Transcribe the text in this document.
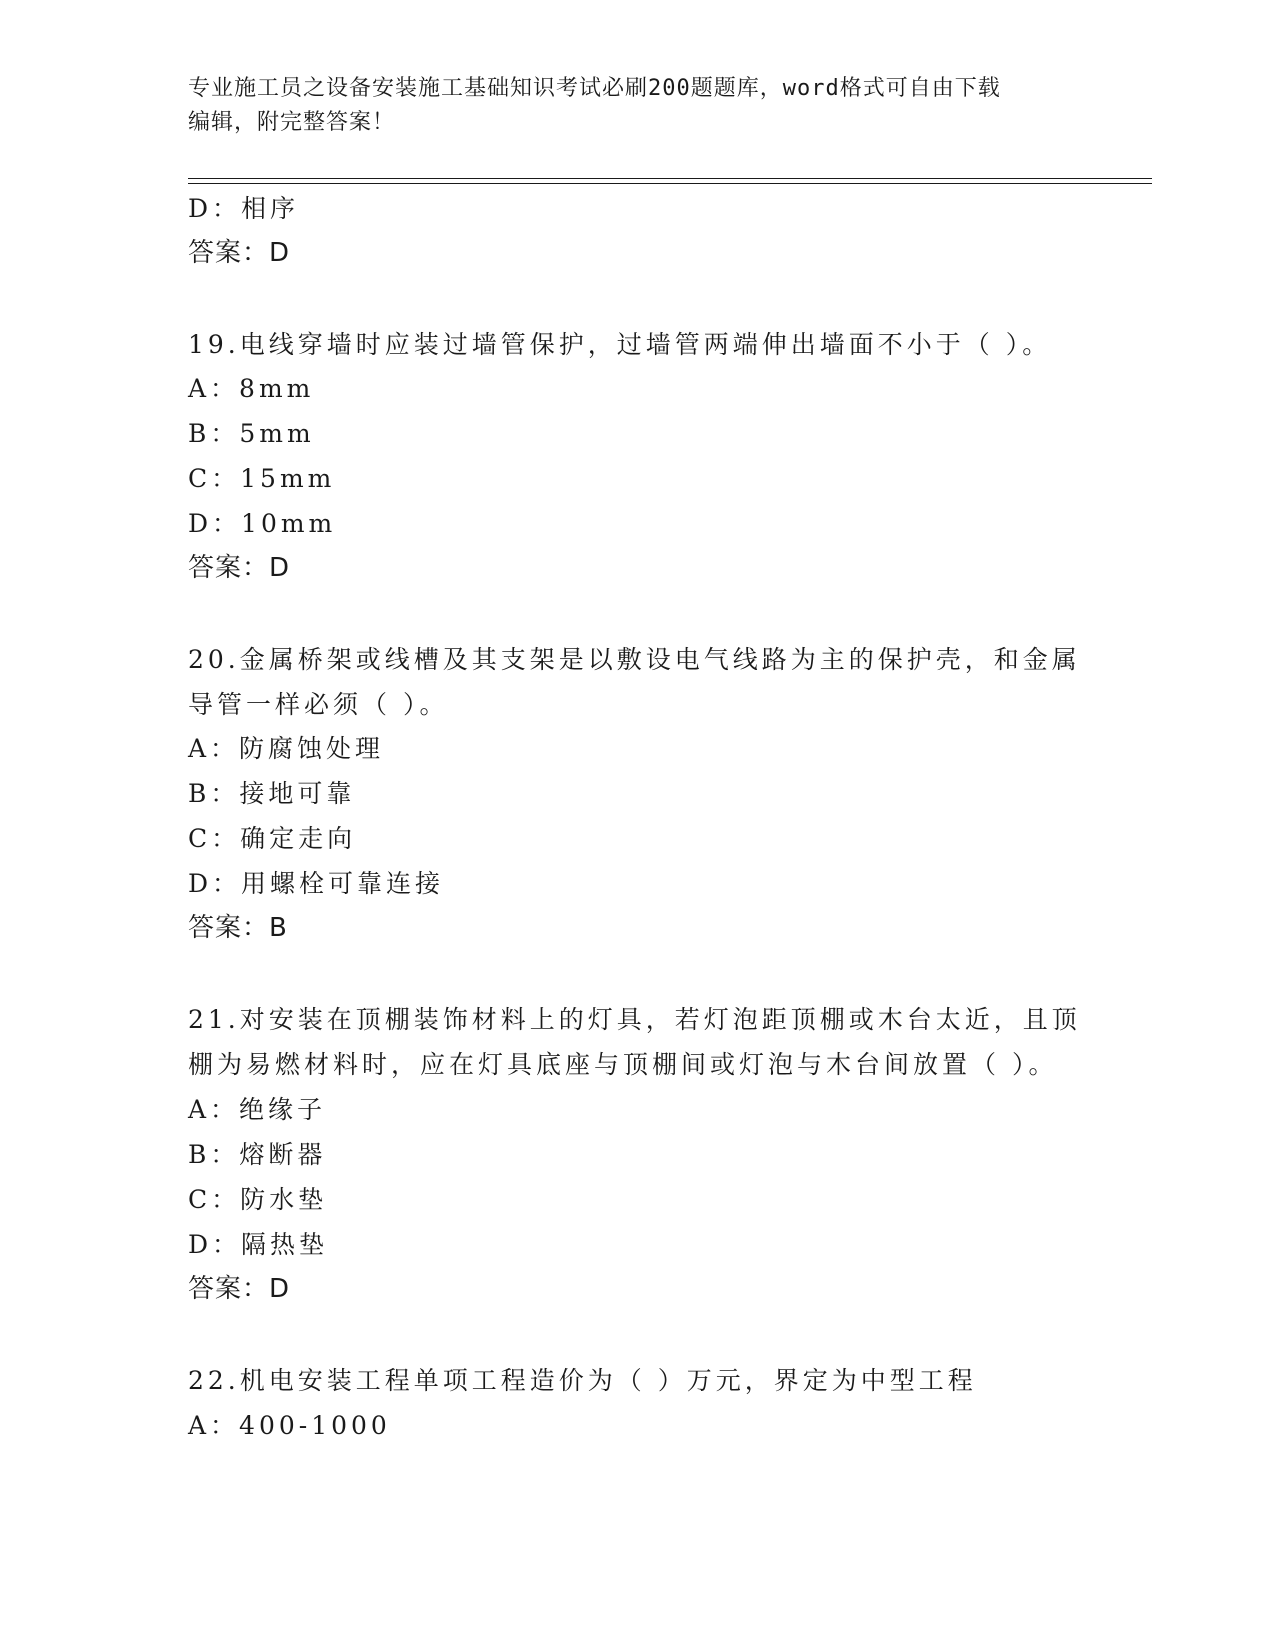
专业施工员之设备安装施工基础知识考试必刷200题题库，word格式可自由下载
编辑，附完整答案！
D：相序
答案：D
19.电线穿墙时应装过墙管保护，过墙管两端伸出墙面不小于（ ）。
A：8mm
B：5mm
C：15mm
D：10mm
答案：D
20.金属桥架或线槽及其支架是以敷设电气线路为主的保护壳，和金属
导管一样必须（ ）。
A：防腐蚀处理
B：接地可靠
C：确定走向
D：用螺栓可靠连接
答案：B
21.对安装在顶棚装饰材料上的灯具，若灯泡距顶棚或木台太近，且顶
棚为易燃材料时，应在灯具底座与顶棚间或灯泡与木台间放置（ ）。
A：绝缘子
B：熔断器
C：防水垫
D：隔热垫
答案：D
22.机电安装工程单项工程造价为（ ）万元，界定为中型工程
A：400-1000
